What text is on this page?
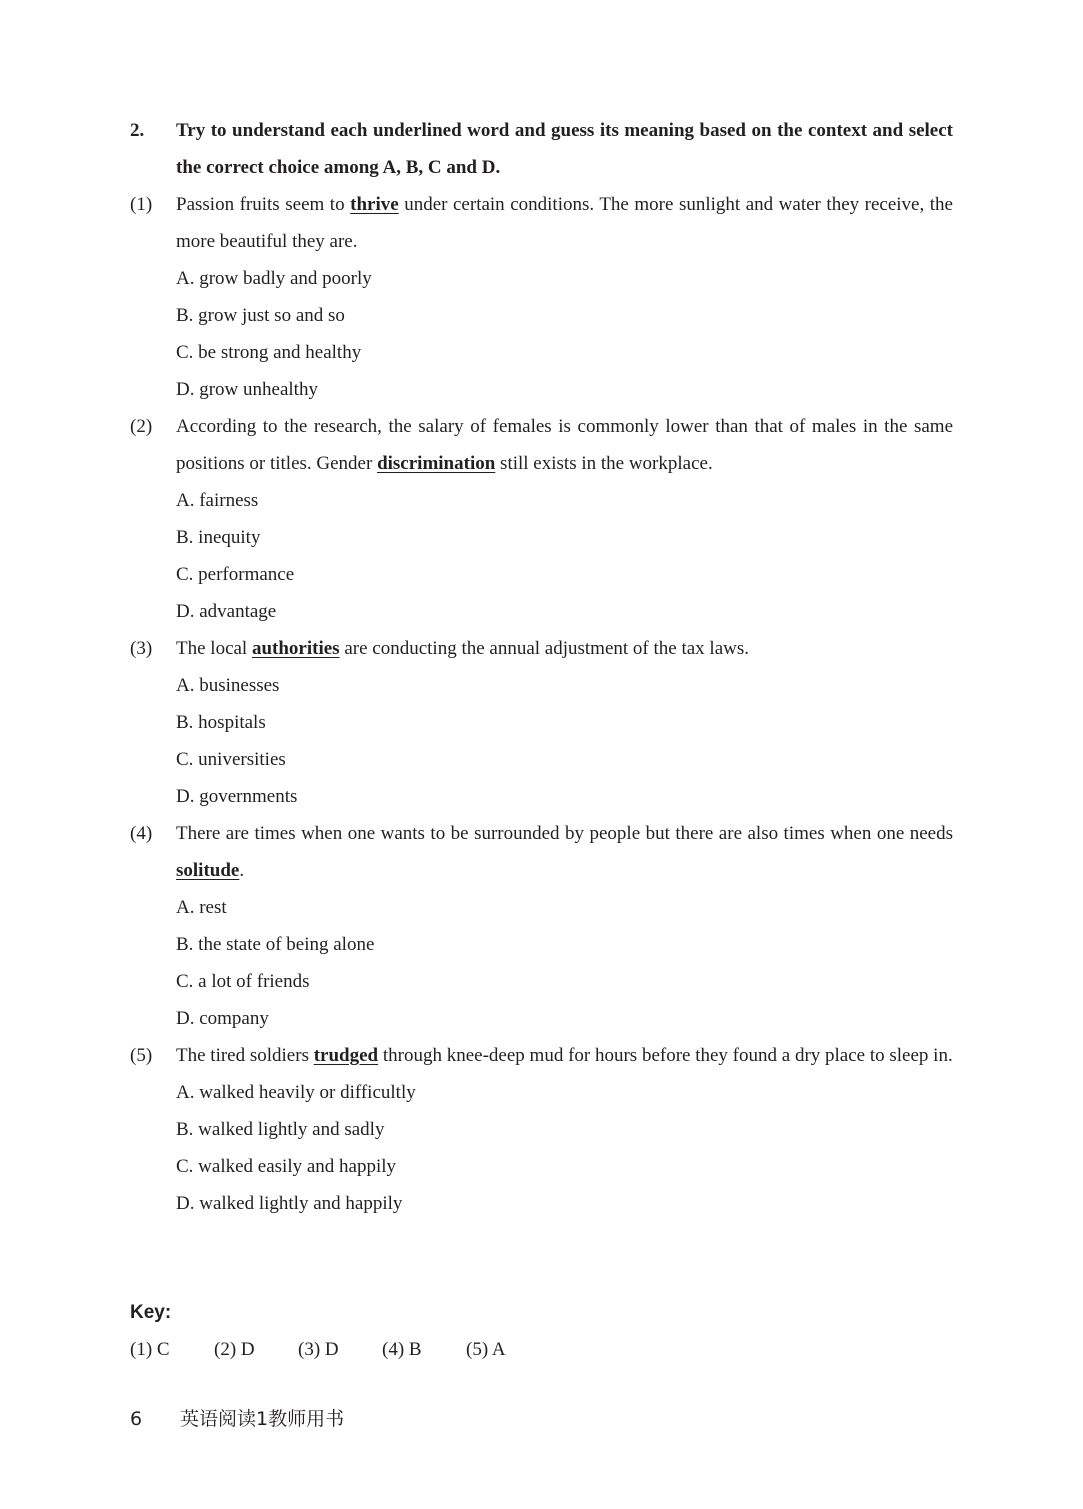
2.	Try to understand each underlined word and guess its meaning based on the context and select the correct choice among A, B, C and D.
(1)	Passion fruits seem to thrive under certain conditions. The more sunlight and water they receive, the more beautiful they are.
A. grow badly and poorly
B. grow just so and so
C. be strong and healthy
D. grow unhealthy
(2)	According to the research, the salary of females is commonly lower than that of males in the same positions or titles. Gender discrimination still exists in the workplace.
A. fairness
B. inequity
C. performance
D. advantage
(3)	The local authorities are conducting the annual adjustment of the tax laws.
A. businesses
B. hospitals
C. universities
D. governments
(4)	There are times when one wants to be surrounded by people but there are also times when one needs solitude.
A. rest
B. the state of being alone
C. a lot of friends
D. company
(5)	The tired soldiers trudged through knee-deep mud for hours before they found a dry place to sleep in.
A. walked heavily or difficultly
B. walked lightly and sadly
C. walked easily and happily
D. walked lightly and happily
Key:
(1) C	(2) D	(3) D	(4) B	(5) A
6	英语阅读1教师用书
